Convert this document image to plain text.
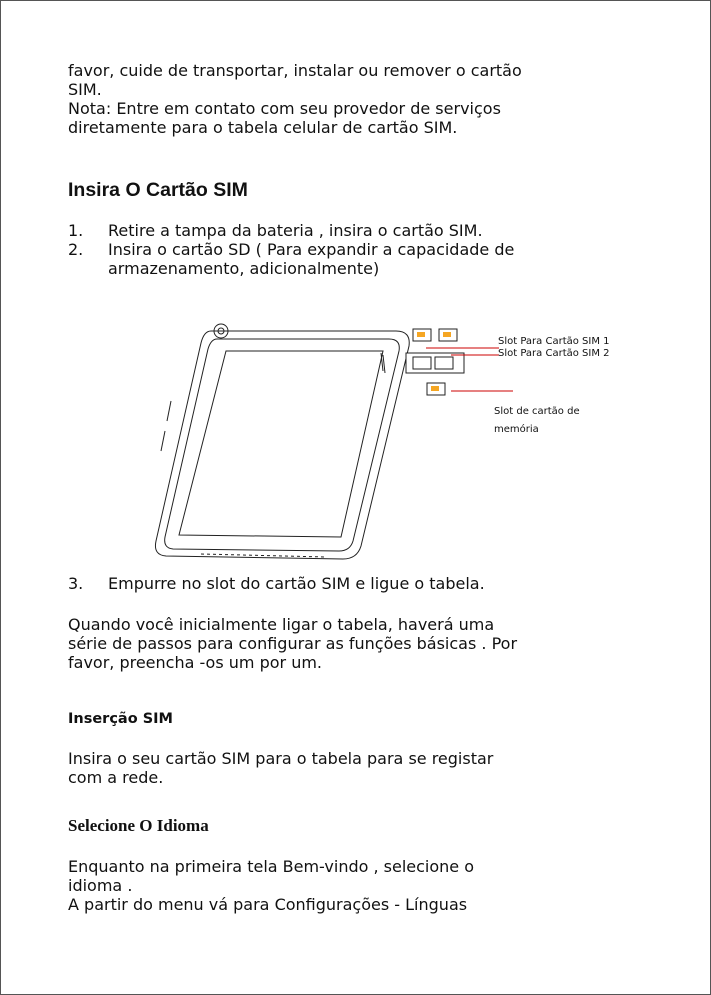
favor, cuide de transportar, instalar ou remover o cartão

SIM.

Nota: Entre em contato com seu provedor de serviços

diretamente para o tabela celular de cartão SIM.

Insira O Cartão SIM
1. Retire a tampa da bateria , insira o cartão SIM.
2. Insira o cartão SD ( Para expandir a capacidade de
armazenamento, adicionalmente)
Slot Para Cartão SIM 1
Slot Para Cartão SIM 2
Slot de cartão de
memória
3. Empurre no slot do cartão SIM e ligue o tabela.

Quando você inicialmente ligar o tabela, haverá uma

série de passos para configurar as funções básicas . Por

favor, preencha -os um por um.

Inserção SIM

Insira o seu cartão SIM para o tabela para se registar

com a rede.

Selecione O Idioma

Enquanto na primeira tela Bem-vindo , selecione o

idioma .

A partir do menu vá para Configurações - Línguas
